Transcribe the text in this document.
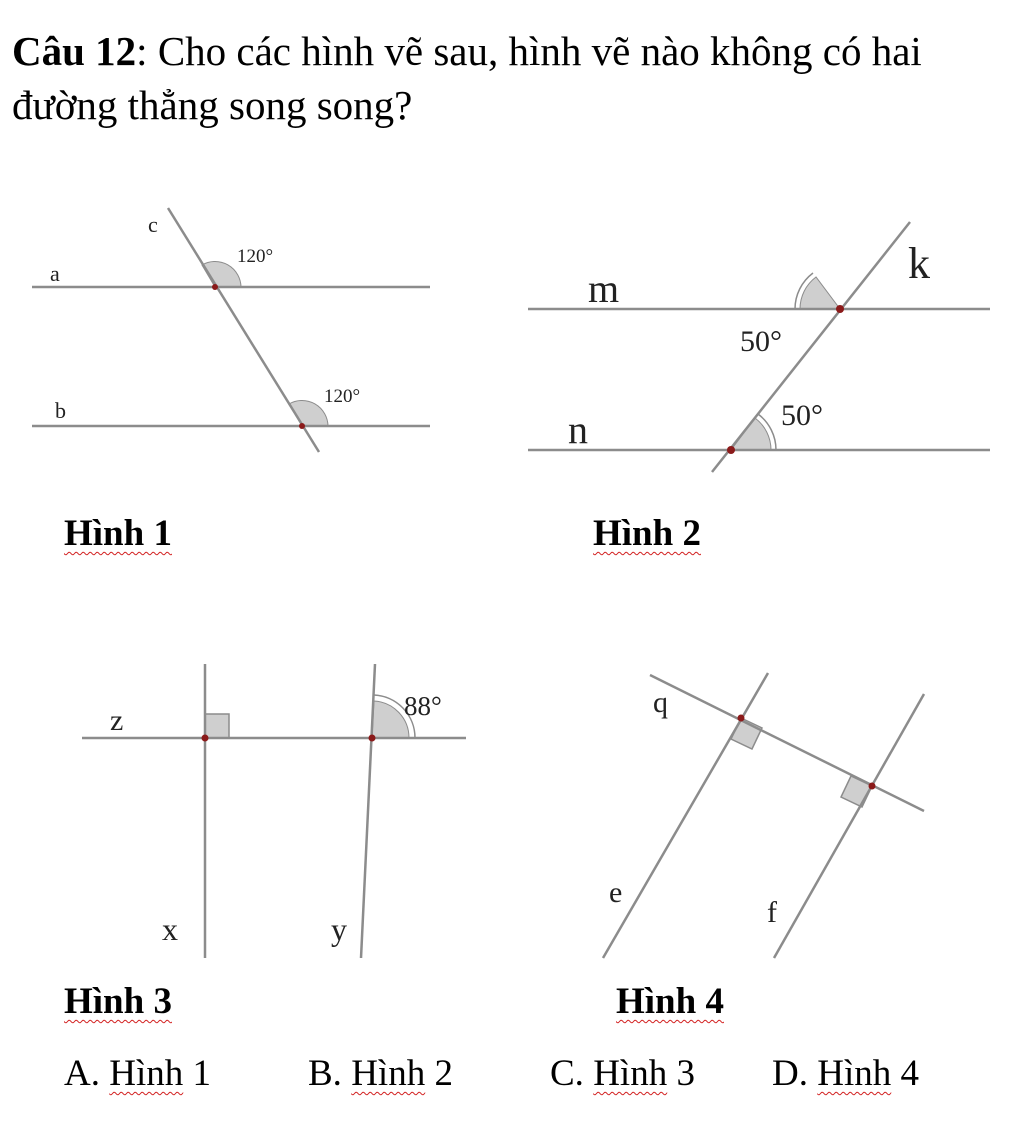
Câu 12: Cho các hình vẽ sau, hình vẽ nào không có hai đường thẳng song song?
a
b
c
120°
120°
m
n
k
50°
50°
z
x	y
88°	q
e
f
Hình 1	Hình 2
Hình 3	Hình 4
A. Hình 1	B. Hình 2	C. Hình 3 D. Hình 4
